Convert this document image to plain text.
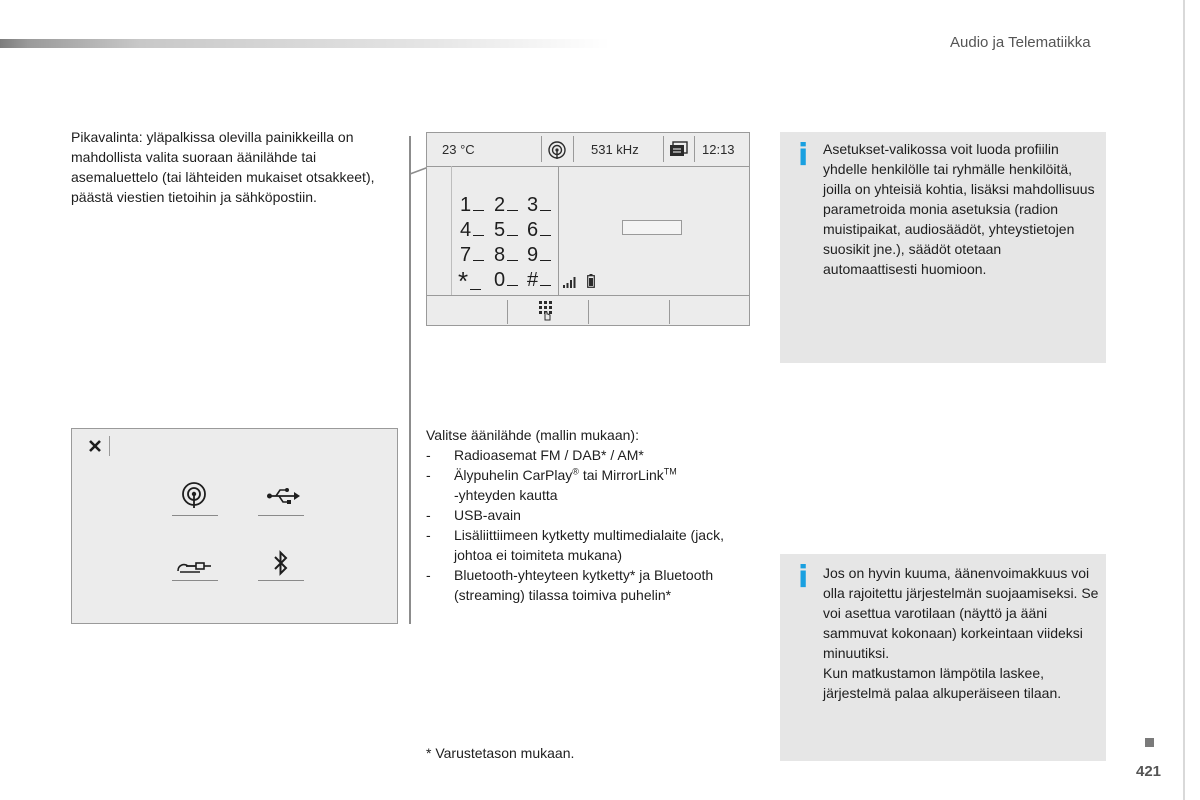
Audio ja Telematiikka
Pikavalinta: yläpalkissa olevilla painikkeilla on mahdollista valita suoraan äänilähde tai asemaluettelo (tai lähteiden mukaiset otsakkeet), päästä viestien tietoihin ja sähköpostiin.
23 °C	531 kHz	12:13
1	2	3
4	5	6
7	8	9
*	0	#
Valitse äänilähde (mallin mukaan):
- Radioasemat FM / DAB* / AM*
- Älypuhelin CarPlay® tai MirrorLink™
-yhteyden kautta
- USB-avain
- Lisäliittiimeen kytketty multimedialaite (jack, johtoa ei toimiteta mukana)
- Bluetooth-yhteyteen kytketty* ja Bluetooth (streaming) tilassa toimiva puhelin*
i Asetukset-valikossa voit luoda profiilin yhdelle henkilölle tai ryhmälle henkilöitä, joilla on yhteisiä kohtia, lisäksi mahdollisuus parametroida monia asetuksia (radion muistipaikat, audiosäädöt, yhteystietojen suosikit jne.), säädöt otetaan automaattisesti huomioon.
i Jos on hyvin kuuma, äänenvoimakkuus voi olla rajoitettu järjestelmän suojaamiseksi. Se voi asettua varotilaan (näyttö ja ääni sammuvat kokonaan) korkeintaan viideksi minuutiksi.
Kun matkustamon lämpötila laskee, järjestelmä palaa alkuperäiseen tilaan.
* Varustetason mukaan.
421
